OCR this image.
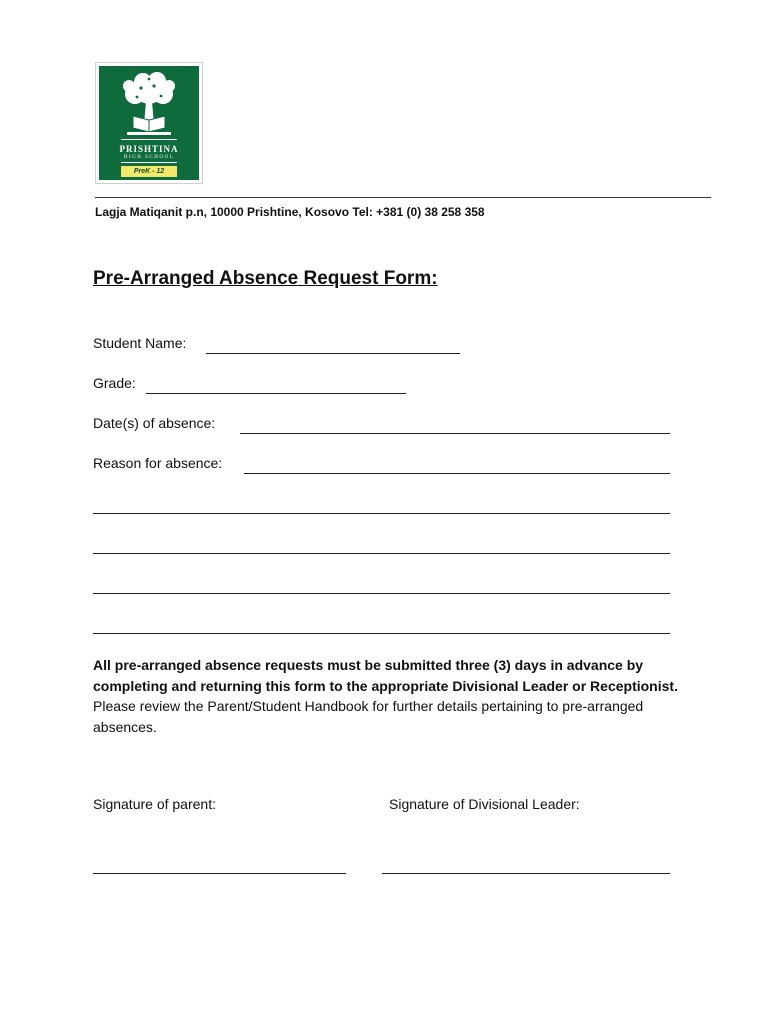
PRISHTINA
HIGH SCHOOL
PreK - 12
Lagja Matiqanit p.n, 10000 Prishtine, Kosovo Tel: +381 (0) 38 258 358
Pre-Arranged Absence Request Form:
Student Name:
Grade:
Date(s) of absence:
Reason for absence:
All pre-arranged absence requests must be submitted three (3) days in advance by completing and returning this form to the appropriate Divisional Leader or Receptionist. Please review the Parent/Student Handbook for further details pertaining to pre-arranged absences.
Signature of parent:	Signature of Divisional Leader:
